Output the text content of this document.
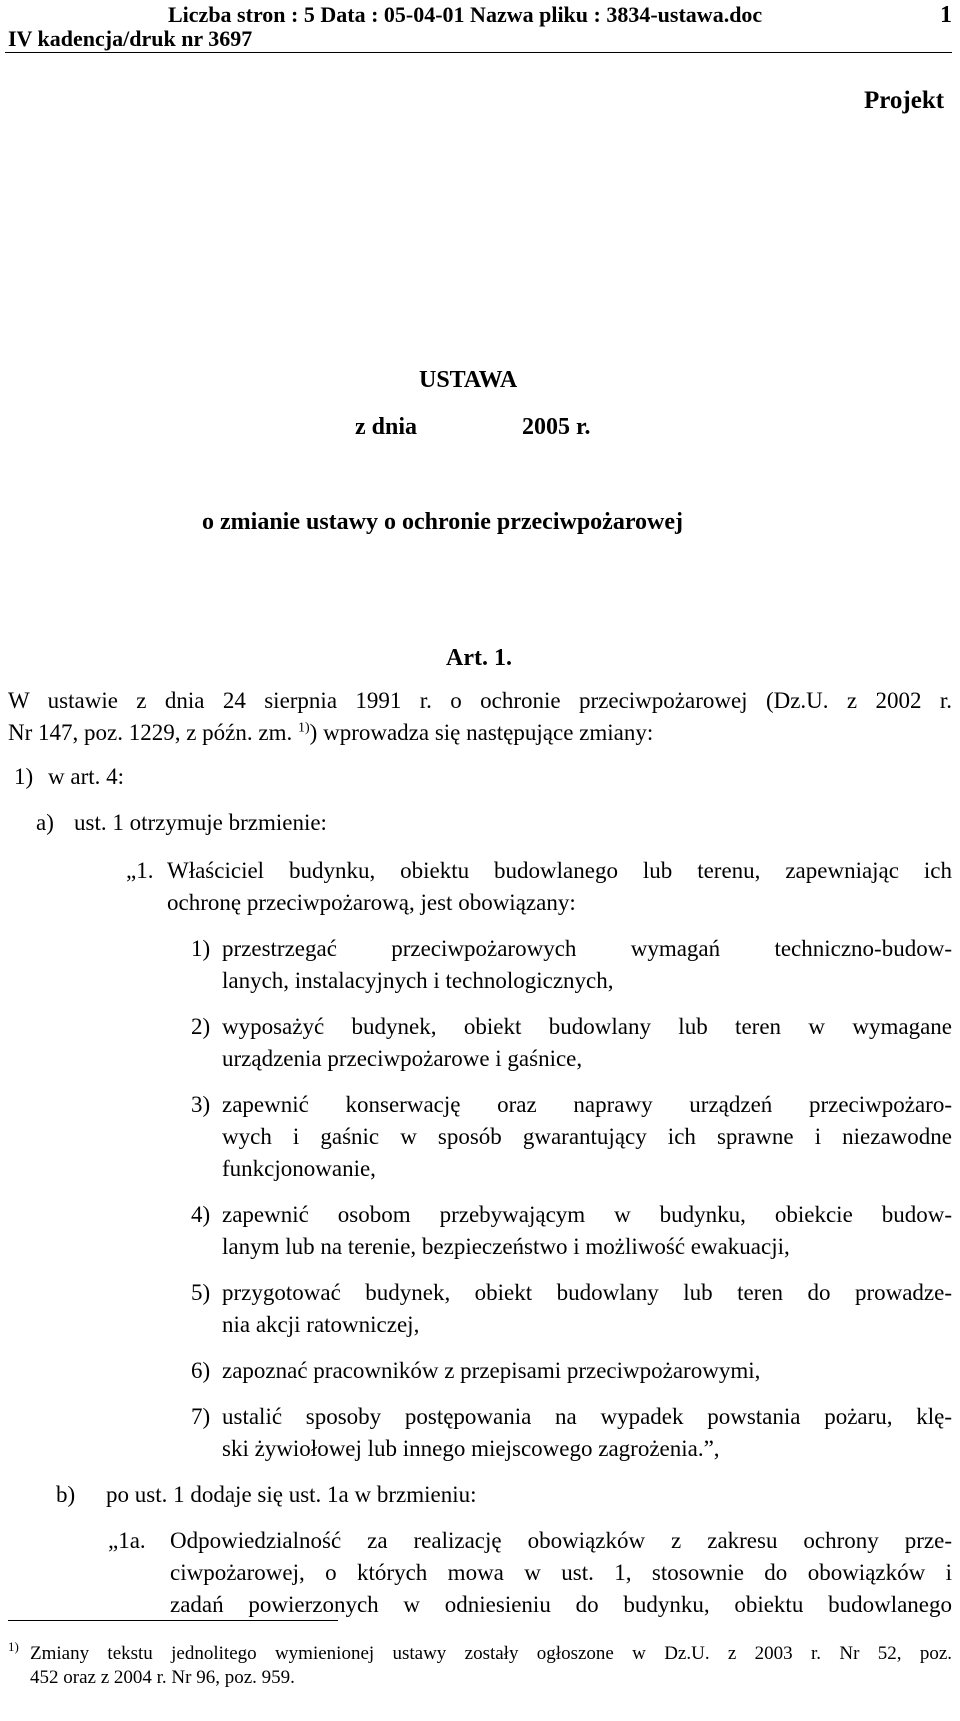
Liczba stron : 5 Data : 05-04-01 Nazwa pliku : 3834-ustawa.doc
IV kadencja/druk nr 3697
1
Projekt
USTAWA
z dnia	2005 r.
o zmianie ustawy o ochronie przeciwpożarowej
Art. 1.
W ustawie z dnia 24 sierpnia 1991 r. o ochronie przeciwpożarowej (Dz.U. z 2002 r.
Nr 147, poz. 1229, z późn. zm. $^{1)}$) wprowadza się następujące zmiany:
1) w art. 4:
a) ust. 1 otrzymuje brzmienie:
„1. Właściciel budynku, obiektu budowlanego lub terenu, zapewniając ich
ochronę przeciwpożarową, jest obowiązany:
1) przestrzegać przeciwpożarowych wymagań techniczno-budow-
lanych, instalacyjnych i technologicznych,
2) wyposażyć budynek, obiekt budowlany lub teren w wymagane
urządzenia przeciwpożarowe i gaśnice,
3) zapewnić konserwację oraz naprawy urządzeń przeciwpożaro-
wych i gaśnic w sposób gwarantujący ich sprawne i niezawodne
funkcjonowanie,
4) zapewnić osobom przebywającym w budynku, obiekcie budow-
lanym lub na terenie, bezpieczeństwo i możliwość ewakuacji,
5) przygotować budynek, obiekt budowlany lub teren do prowadze-
nia akcji ratowniczej,
6) zapoznać pracowników z przepisami przeciwpożarowymi,
7) ustalić sposoby postępowania na wypadek powstania pożaru, klę-
ski żywiołowej lub innego miejscowego zagrożenia.”,
b) po ust. 1 dodaje się ust. 1a w brzmieniu:
„1a. Odpowiedzialność za realizację obowiązków z zakresu ochrony prze-
ciwpożarowej, o których mowa w ust. 1, stosownie do obowiązków i
zadań powierzonych w odniesieniu do budynku, obiektu budowlanego
1) Zmiany tekstu jednolitego wymienionej ustawy zostały ogłoszone w Dz.U. z 2003 r. Nr 52, poz.
452 oraz z 2004 r. Nr 96, poz. 959.
